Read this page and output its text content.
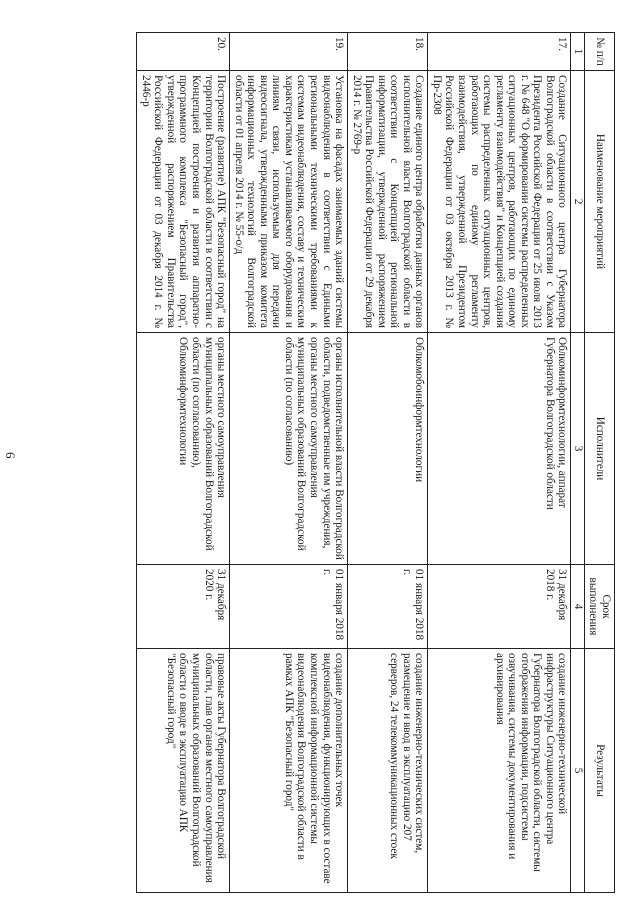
6
№ п/п	Наименование мероприятий	Исполнители	Срок выполнения	Результаты
1	2	3	4	5
17.	Создание Ситуационного центра Губернатора Волгоградской области в соответствии с Указом Президента Российской Федерации от 25 июля 2013 г. № 648 "О формировании системы распределенных ситуационных центров, работающих по единому регламенту взаимодействия" и Концепцией создания системы распределенных ситуационных центров, работающих по единому регламенту взаимодействия, утвержденной Президентом Российской Федерации от 03 октября 2013 г. № Пр-2308	Облкоминформтехнологии, аппарат Губернатора Волгоградской области	31 декабря 2018 г.	создание инженерно-технической инфраструктуры Ситуационного центра Губернатора Волгоградской области, системы отображения информации, подсистемы озвучивания, системы документирования и архивирования
18.	Создание единого центра обработки данных органов исполнительной власти Волгоградской области в соответствии с Концепцией региональной информатизации, утвержденной распоряжением Правительства Российской Федерации от 29 декабря 2014 г. № 2769-р	Облкомобоинформтехнологии	01 января 2018 г.	создание инженерно-технических систем, размещение и ввод в эксплуатацию 207 серверов, 24 телекоммуникационных стоек
19.	Установка на фасадах занимаемых зданий системы видеонаблюдения в соответствии с Едиными региональными техническими требованиями к системам видеонаблюдения, составу и техническим характеристикам устанавливаемого оборудования и линиям связи, используемым для передачи видеосигнала, утвержденными приказом комитета информационных технологий Волгоградской области от 01 апреля 2014 г. № 55-о/д	органы исполнительной власти Волгоградской области, подведомственные им учреждения, органы местного самоуправления муниципальных образований Волгоградской области (по согласованию)	01 января 2018 г.	создание дополнительных точек видеонаблюдения, функционирующих в составе комплексной информационной системы видеонаблюдения Волгоградской области в рамках АПК "Безопасный город"
20.	Построение (развитие) АПК "Безопасный город" на территории Волгоградской области в соответствии с Концепцией построения и развития аппаратно-программного комплекса "Безопасный город", утвержденной распоряжением Правительства Российской Федерации от 03 декабря 2014 г. № 2446-р	органы местного самоуправления муниципальных образований Волгоградской области (по согласованию), Облкоминформтехнологии	31 декабря 2020 г.	правовые акты Губернатора Волгоградской области, глав органов местного самоуправления муниципальных образований Волгоградской области о вводе в эксплуатацию АПК "Безопасный город"
